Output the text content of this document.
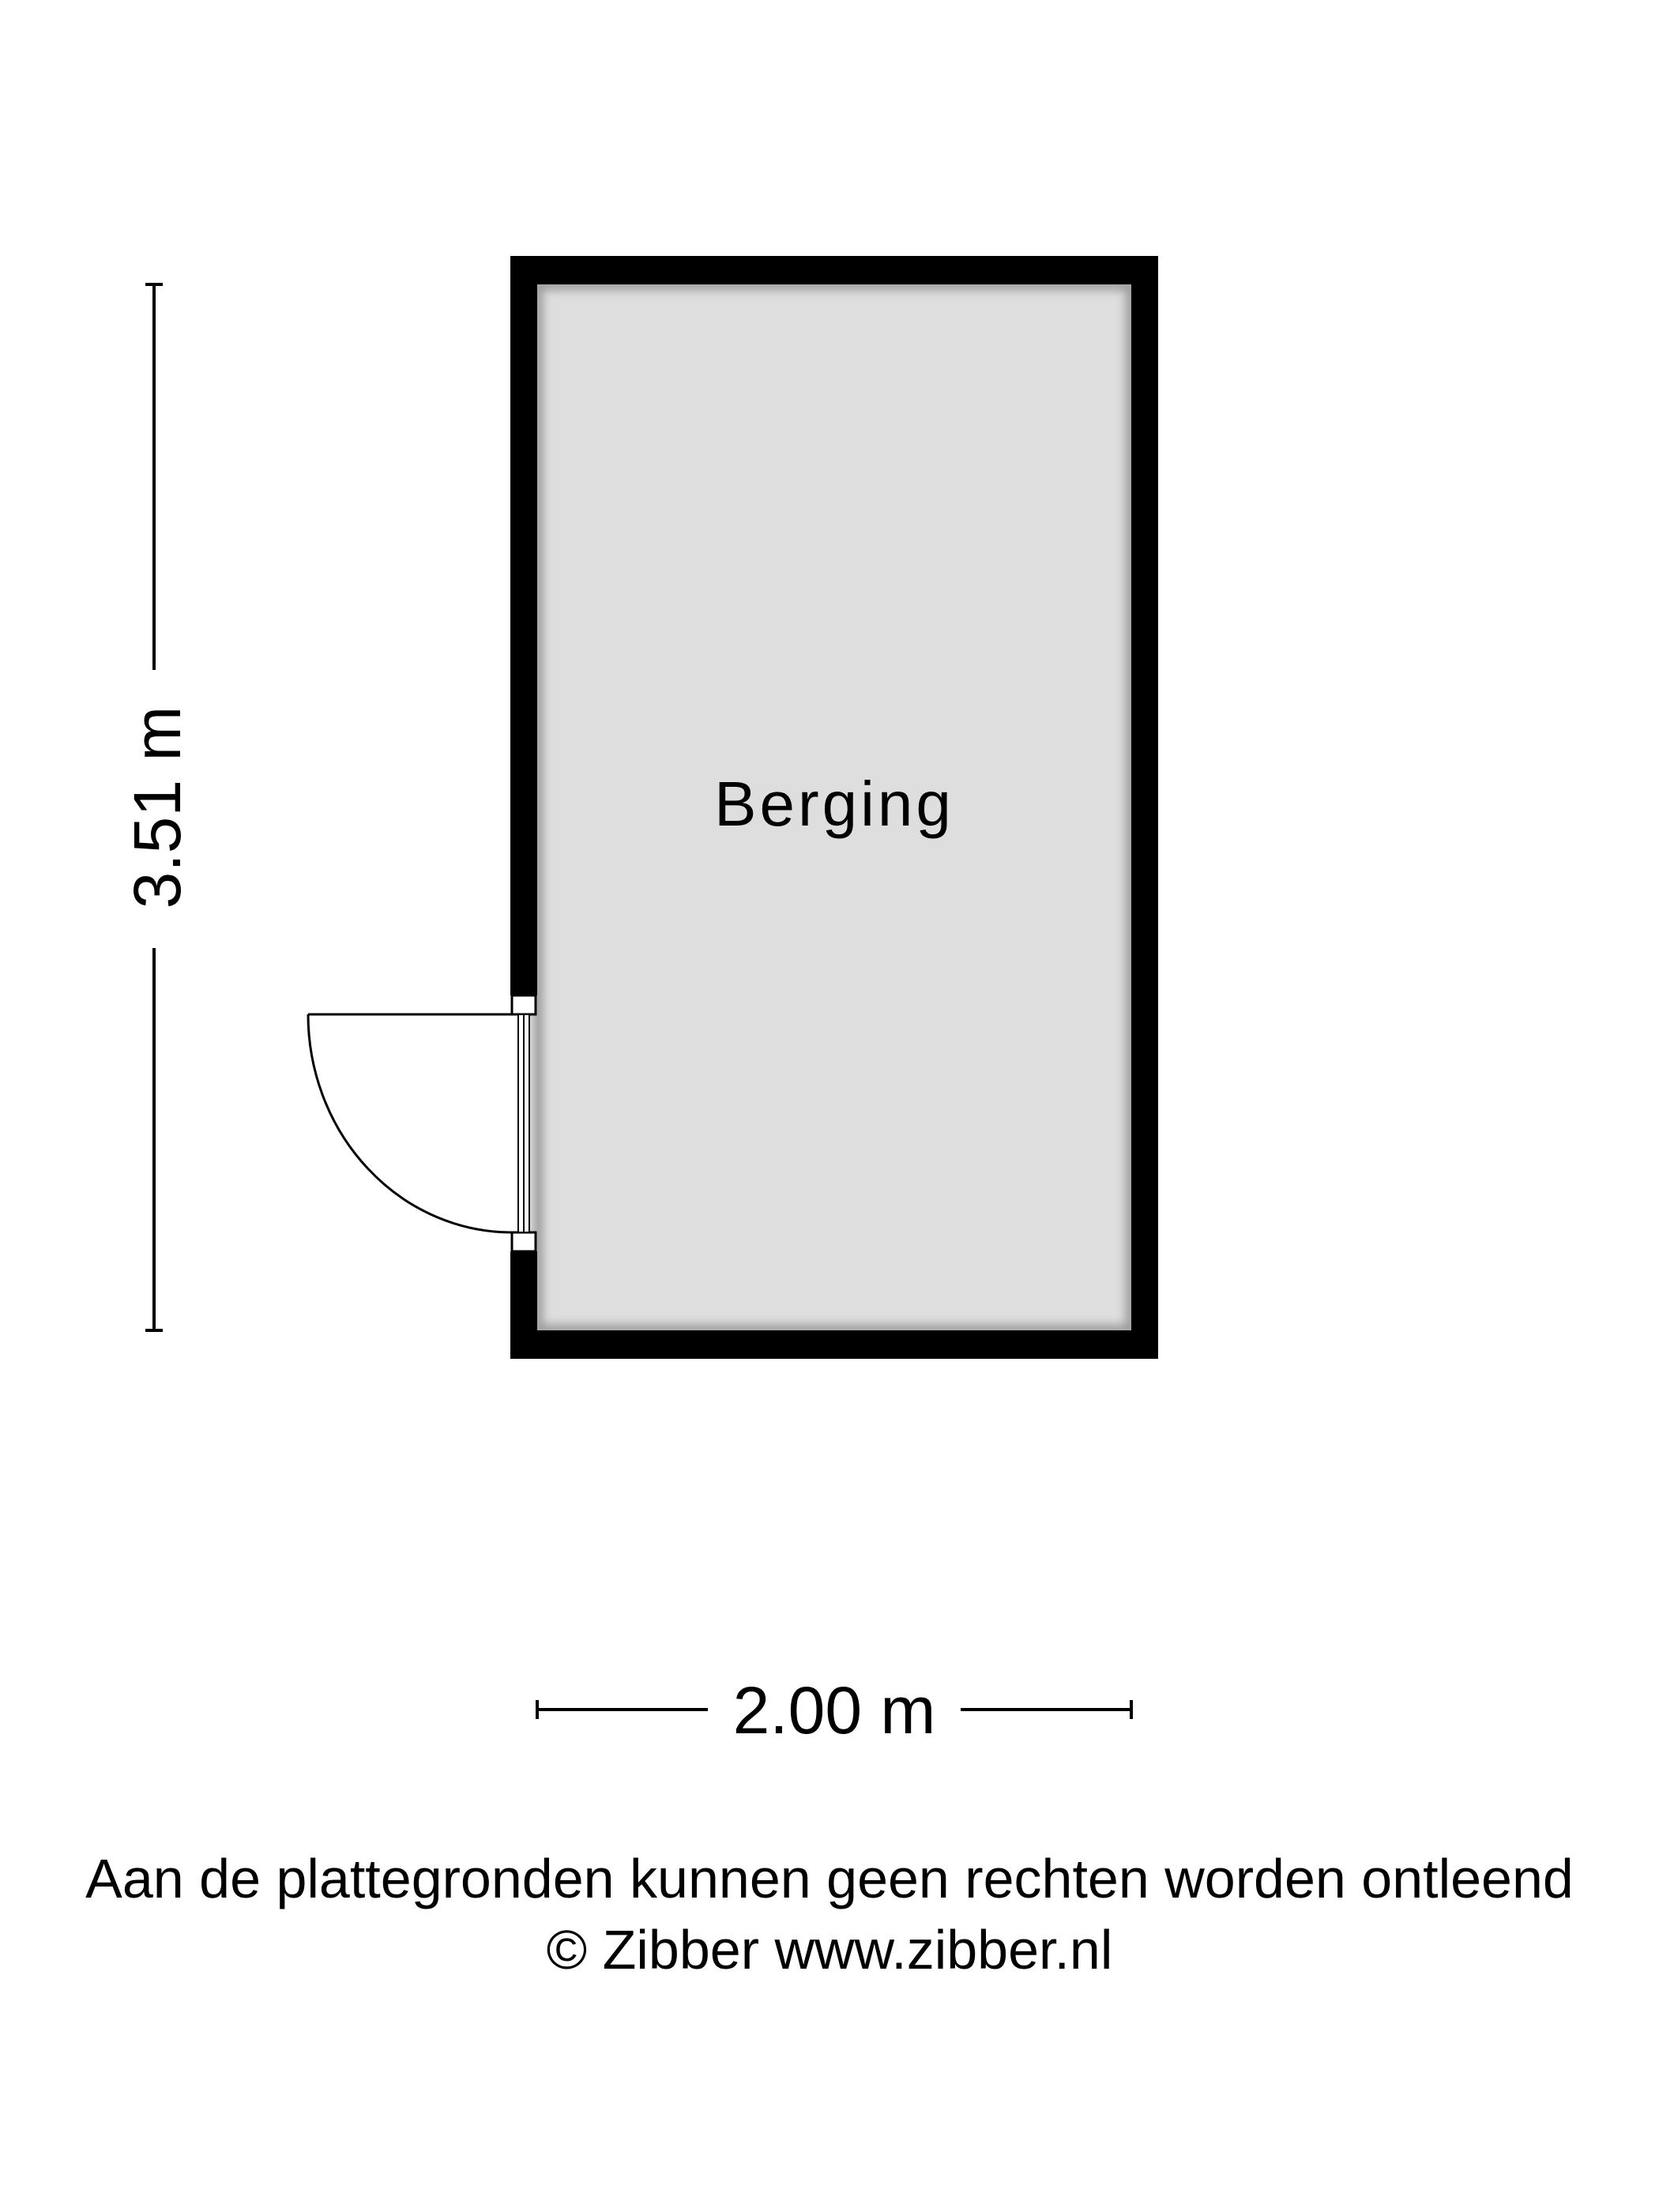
3.51 m
2.00 m
Berging
Aan de plattegronden kunnen geen rechten worden ontleend
© Zibber www.zibber.nl
